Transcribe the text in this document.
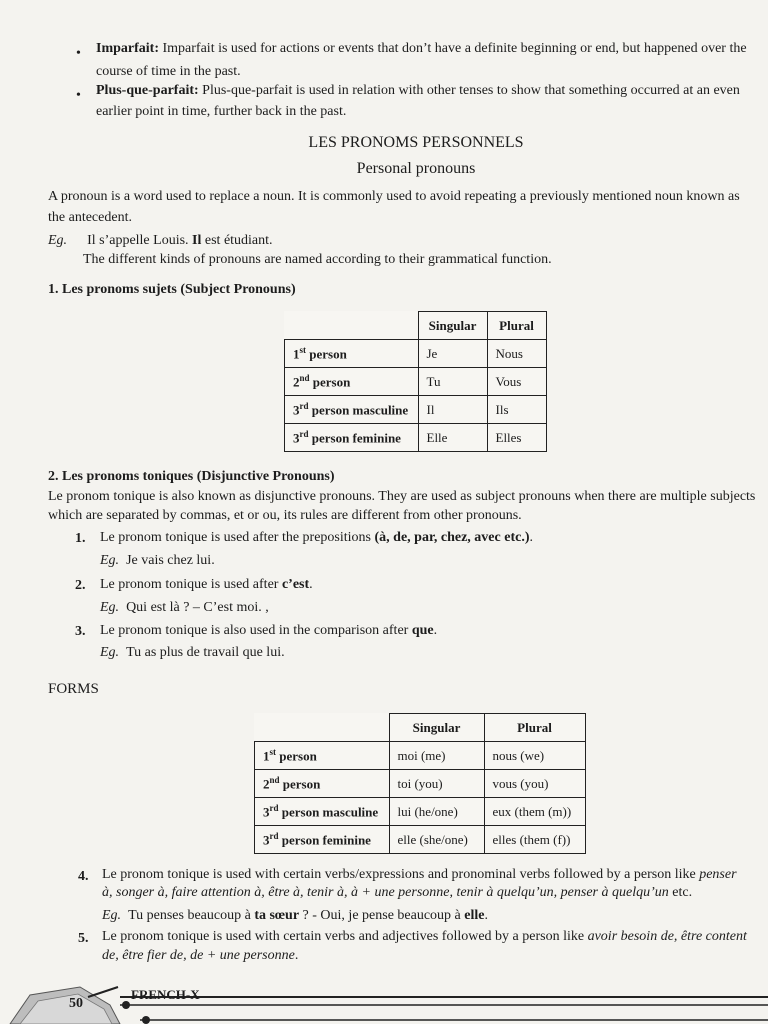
• Imparfait: Imparfait is used for actions or events that don’t have a definite beginning or end, but happened over the
course of time in the past.
• Plus-que-parfait: Plus-que-parfait is used in relation with other tenses to show that something occurred at an even
earlier point in time, further back in the past.
LES PRONOMS PERSONNELS
Personal pronouns
A pronoun is a word used to replace a noun. It is commonly used to avoid repeating a previously mentioned noun known as
the antecedent.
Eg. Il s’appelle Louis. Il est étudiant.
The different kinds of pronouns are named according to their grammatical function.
1. Les pronoms sujets (Subject Pronouns)
	Singular	Plural
1st person	Je	Nous
2nd person	Tu	Vous
3rd person masculine	Il	Ils
3rd person feminine	Elle	Elles
2. Les pronoms toniques (Disjunctive Pronouns)
Le pronom tonique is also known as disjunctive pronouns. They are used as subject pronouns when there are multiple subjects
which are separated by commas, et or ou, its rules are different from other pronouns.
1. Le pronom tonique is used after the prepositions (à, de, par, chez, avec etc.).
Eg. Je vais chez lui.
2. Le pronom tonique is used after c’est.
Eg. Qui est là ? – C’est moi. ,
3. Le pronom tonique is also used in the comparison after que.
Eg. Tu as plus de travail que lui.
FORMS
	Singular	Plural
1st person	moi (me)	nous (we)
2nd person	toi (you)	vous (you)
3rd person masculine	lui (he/one)	eux (them (m))
3rd person feminine	elle (she/one)	elles (them (f))
4. Le pronom tonique is used with certain verbs/expressions and pronominal verbs followed by a person like penser
à, songer à, faire attention à, être à, tenir à, à + une personne, tenir à quelqu’un, penser à quelqu’un etc.
Eg. Tu penses beaucoup à ta sœur ? - Oui, je pense beaucoup à elle.
5. Le pronom tonique is used with certain verbs and adjectives followed by a person like avoir besoin de, être content
de, être fier de, de + une personne.
50
FRENCH-X
